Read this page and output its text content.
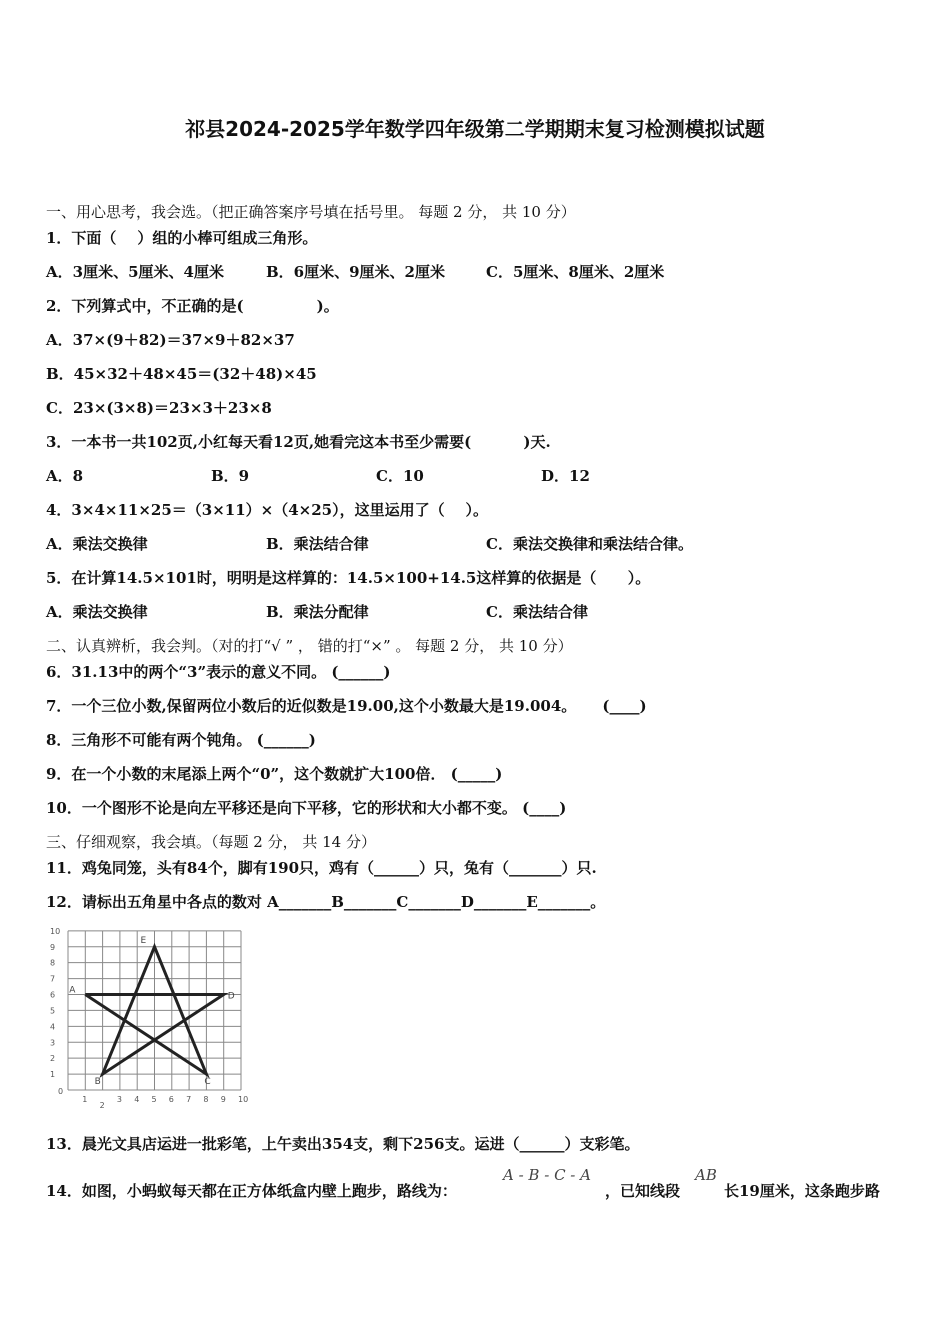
祁县2024-2025学年数学四年级第二学期期末复习检测模拟试题
一、用心思考，我会选。（把正确答案序号填在括号里。 每题 2 分， 共 10 分）
1．下面（    ）组的小棒可组成三角形。
A．3厘米、5厘米、4厘米	B．6厘米、9厘米、2厘米	C．5厘米、8厘米、2厘米
2．下列算式中，不正确的是(              )。
A．37×(9＋82)＝37×9＋82×37
B．45×32＋48×45＝(32＋48)×45
C．23×(3×8)＝23×3＋23×8
3．一本书一共102页,小红每天看12页,她看完这本书至少需要(          )天.
A．8	B．9	C．10	D．12
4．3×4×11×25＝（3×11）×（4×25），这里运用了（    ）。
A．乘法交换律	B．乘法结合律	C．乘法交换律和乘法结合律。
5．在计算14.5×101时，明明是这样算的：14.5×100+14.5这样算的依据是（      ）。
A．乘法交换律	B．乘法分配律	C．乘法结合律
二、认真辨析，我会判。（对的打“√ ” ， 错的打“×” 。 每题 2 分， 共 10 分）
6．31.13中的两个“3”表示的意义不同。 (______)
7．一个三位小数,保留两位小数后的近似数是19.00,这个小数最大是19.004。     (____)
8．三角形不可能有两个钝角。 (______)
9．在一个小数的末尾添上两个“0”，这个数就扩大100倍． (_____)
10．一个图形不论是向左平移还是向下平移，它的形状和大小都不变。 (____)
三、仔细观察，我会填。（每题 2 分， 共 14 分）
11．鸡兔同笼，头有84个，脚有190只，鸡有（______）只，兔有（_______）只.
12．请标出五角星中各点的数对 A_______B_______C_______D_______E_______。
0
1
2
3 4 5 6 7 8 9 10
1
2
3
4
5
6
7
8
9
10
A
B	C
D
E
13．晨光文具店运进一批彩笔，上午卖出354支，剩下256支。运进（______）支彩笔。
14．如图，小蚂蚁每天都在正方体纸盒内壁上跑步，路线为：
A - B - C - A
，已知线段
AB
长19厘米，这条跑步路
